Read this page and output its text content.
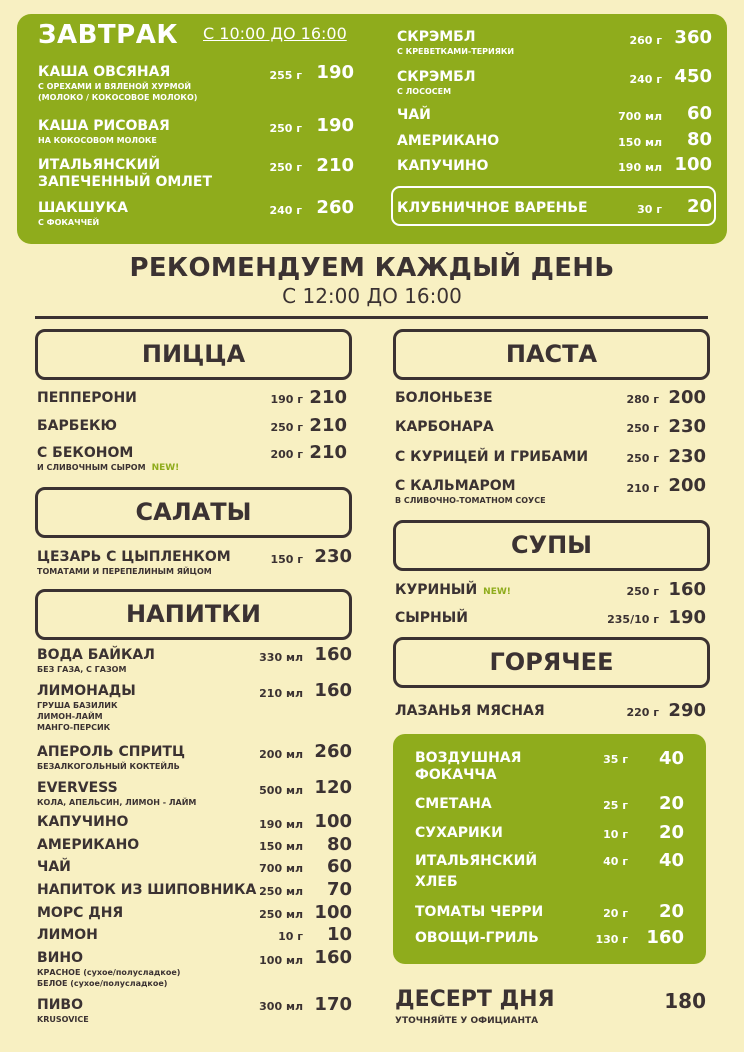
ЗАВТРАК С 10:00 ДО 16:00
КАША ОВСЯНАЯ
С ОРЕХАМИ И ВЯЛЕНОЙ ХУРМОЙ
(МОЛОКО / КОКОСОВОЕ МОЛОКО)
255 г 190
КАША РИСОВАЯ
НА КОКОСОВОМ МОЛОКЕ
250 г 190
ИТАЛЬЯНСКИЙ
ЗАПЕЧЕННЫЙ ОМЛЕТ
250 г 210
ШАКШУКА
С ФОКАЧЧЕЙ
240 г 260
СКРЭМБЛ
С КРЕВЕТКАМИ-ТЕРИЯКИ
260 г 360
СКРЭМБЛ
С ЛОСОСЕМ
240 г 450
ЧАЙ	700 мл 60
АМЕРИКАНО	150 мл 80
КАПУЧИНО	190 мл 100
КЛУБНИЧНОЕ ВАРЕНЬЕ	30 г 20
РЕКОМЕНДУЕМ КАЖДЫЙ ДЕНЬ
С 12:00 ДО 16:00
ПИЦЦА
ПЕППЕРОНИ	190 г 210
БАРБЕКЮ	250 г 210
С БЕКОНОМ
И СЛИВОЧНЫМ СЫРОМ NEW!
200 г 210
САЛАТЫ
ЦЕЗАРЬ С ЦЫПЛЕНКОМ
ТОМАТАМИ И ПЕРЕПЕЛИНЫМ ЯЙЦОМ
150 г 230
НАПИТКИ
ВОДА БАЙКАЛ
БЕЗ ГАЗА, С ГАЗОМ
330 мл 160
ЛИМОНАДЫ
ГРУША БАЗИЛИК
ЛИМОН-ЛАЙМ
МАНГО-ПЕРСИК
210 мл 160
АПЕРОЛЬ СПРИТЦ
БЕЗАЛКОГОЛЬНЫЙ КОКТЕЙЛЬ
200 мл 260
EVERVESS
КОЛА, АПЕЛЬСИН, ЛИМОН - ЛАЙМ
500 мл 120
КАПУЧИНО	190 мл 100
АМЕРИКАНО	150 мл 80
ЧАЙ	700 мл 60
НАПИТОК ИЗ ШИПОВНИКА 250 мл 70
МОРС ДНЯ	250 мл 100
ЛИМОН	10 г 10
ВИНО
КРАСНОЕ (сухое/полусладкое)
БЕЛОЕ (сухое/полусладкое)
100 мл 160
ПИВО
KRUSOVICE
300 мл 170
ПАСТА
БОЛОНЬЕЗЕ	280 г 200
КАРБОНАРА	250 г 230
С КУРИЦЕЙ И ГРИБАМИ	250 г 230
С КАЛЬМАРОМ
В СЛИВОЧНО-ТОМАТНОМ СОУСЕ
210 г 200
СУПЫ
КУРИНЫЙ NEW!	250 г 160
СЫРНЫЙ	235/10 г 190
ГОРЯЧЕЕ
ЛАЗАНЬЯ МЯСНАЯ	220 г 290
ВОЗДУШНАЯ
ФОКАЧЧА
35 г 40
СМЕТАНА	25 г 20
СУХАРИКИ	10 г 20
ИТАЛЬЯНСКИЙ
ХЛЕБ
40 г 40
ТОМАТЫ ЧЕРРИ	20 г 20
ОВОЩИ-ГРИЛЬ	130 г 160
ДЕСЕРТ ДНЯ
УТОЧНЯЙТЕ У ОФИЦИАНТА
180
